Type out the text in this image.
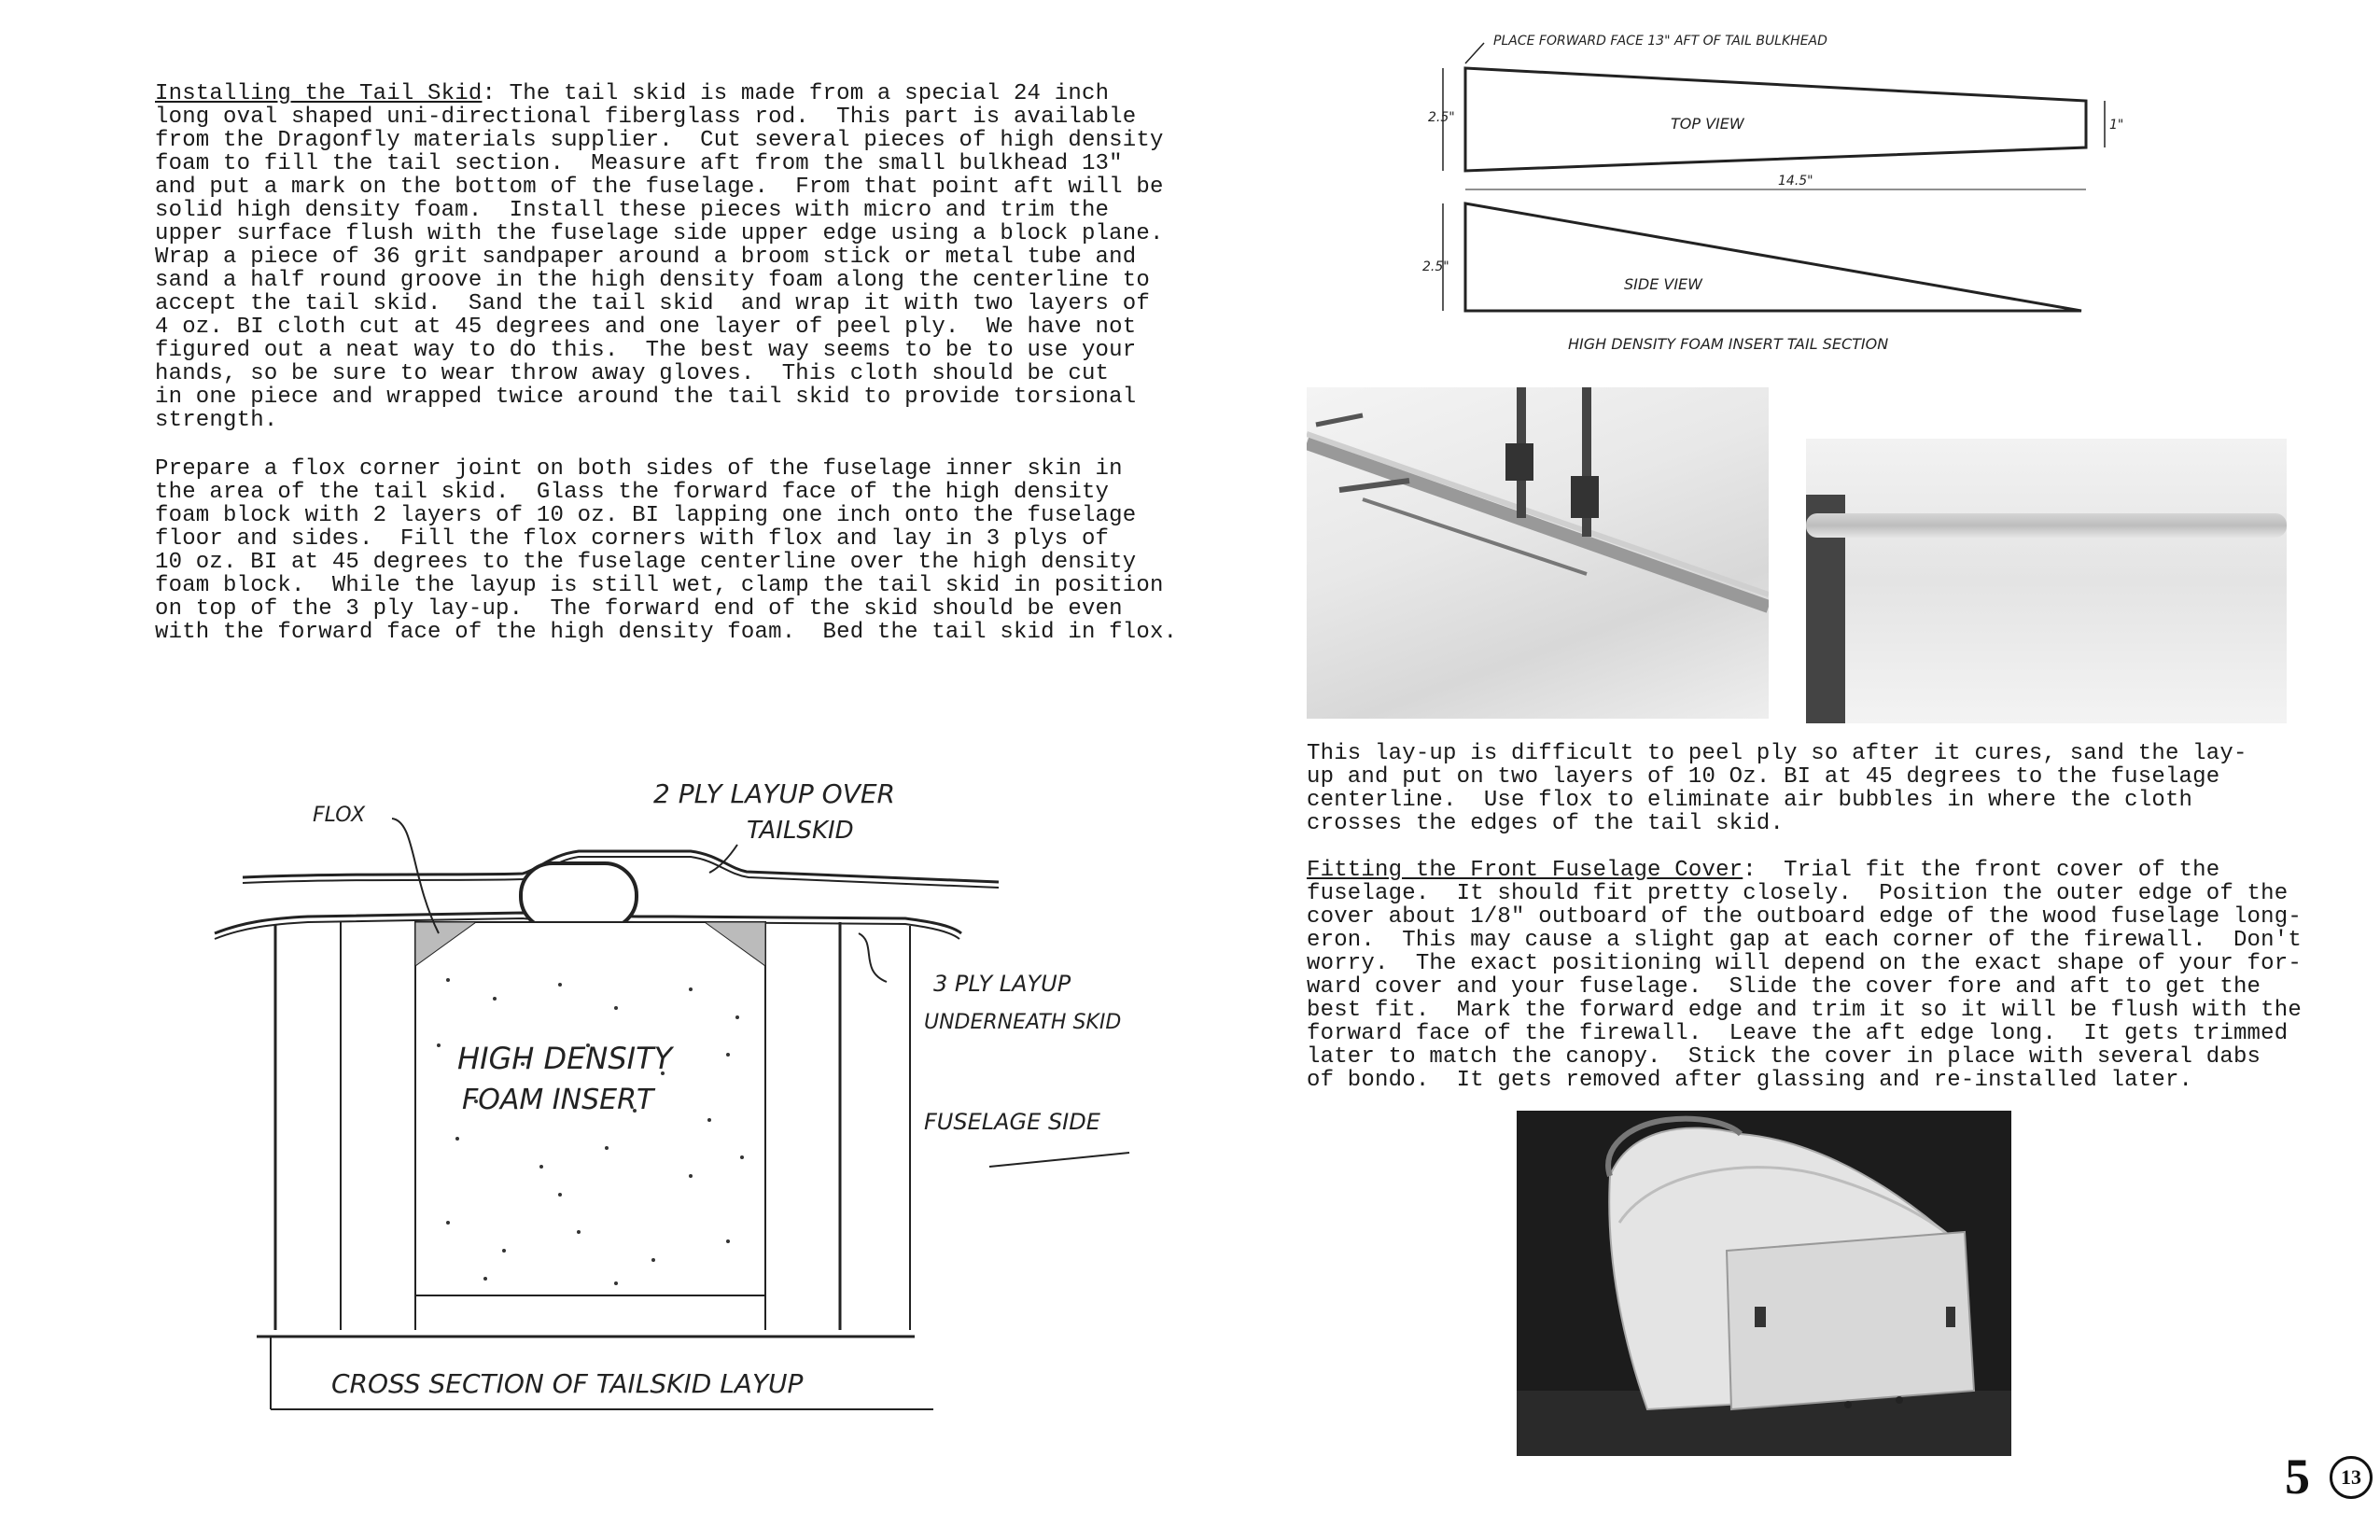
Installing the Tail Skid: The tail skid is made from a special 24 inch
long oval shaped uni-directional fiberglass rod.  This part is available
from the Dragonfly materials supplier.  Cut several pieces of high density
foam to fill the tail section.  Measure aft from the small bulkhead 13"
and put a mark on the bottom of the fuselage.  From that point aft will be
solid high density foam.  Install these pieces with micro and trim the
upper surface flush with the fuselage side upper edge using a block plane.
Wrap a piece of 36 grit sandpaper around a broom stick or metal tube and
sand a half round groove in the high density foam along the centerline to
accept the tail skid.  Sand the tail skid  and wrap it with two layers of
4 oz. BI cloth cut at 45 degrees and one layer of peel ply.  We have not
figured out a neat way to do this.  The best way seems to be to use your
hands, so be sure to wear throw away gloves.  This cloth should be cut
in one piece and wrapped twice around the tail skid to provide torsional
strength.
Prepare a flox corner joint on both sides of the fuselage inner skin in
the area of the tail skid.  Glass the forward face of the high density
foam block with 2 layers of 10 oz. BI lapping one inch onto the fuselage
floor and sides.  Fill the flox corners with flox and lay in 3 plys of
10 oz. BI at 45 degrees to the fuselage centerline over the high density
foam block.  While the layup is still wet, clamp the tail skid in position
on top of the 3 ply lay-up.  The forward end of the skid should be even
with the forward face of the high density foam.  Bed the tail skid in flox.
FLOX
2 PLY LAYUP OVER
TAILSKID
3 PLY LAYUP
UNDERNEATH SKID
HIGH DENSITY
FOAM INSERT
FUSELAGE SIDE
CROSS SECTION OF TAILSKID LAYUP
PLACE FORWARD FACE 13" AFT OF TAIL BULKHEAD
TOP VIEW
2.5"	1"
14.5"
SIDE VIEW
2.5"
HIGH DENSITY FOAM INSERT TAIL SECTION
This lay-up is difficult to peel ply so after it cures, sand the lay-
up and put on two layers of 10 Oz. BI at 45 degrees to the fuselage
centerline.  Use flox to eliminate air bubbles in where the cloth
crosses the edges of the tail skid.
Fitting the Front Fuselage Cover:  Trial fit the front cover of the
fuselage.  It should fit pretty closely.  Position the outer edge of the
cover about 1/8" outboard of the outboard edge of the wood fuselage long-
eron.  This may cause a slight gap at each corner of the firewall.  Don't
worry.  The exact positioning will depend on the exact shape of your for-
ward cover and your fuselage.  Slide the cover fore and aft to get the
best fit.  Mark the forward edge and trim it so it will be flush with the
forward face of the firewall.  Leave the aft edge long.  It gets trimmed
later to match the canopy.  Stick the cover in place with several dabs
of bondo.  It gets removed after glassing and re-installed later.
5	13
